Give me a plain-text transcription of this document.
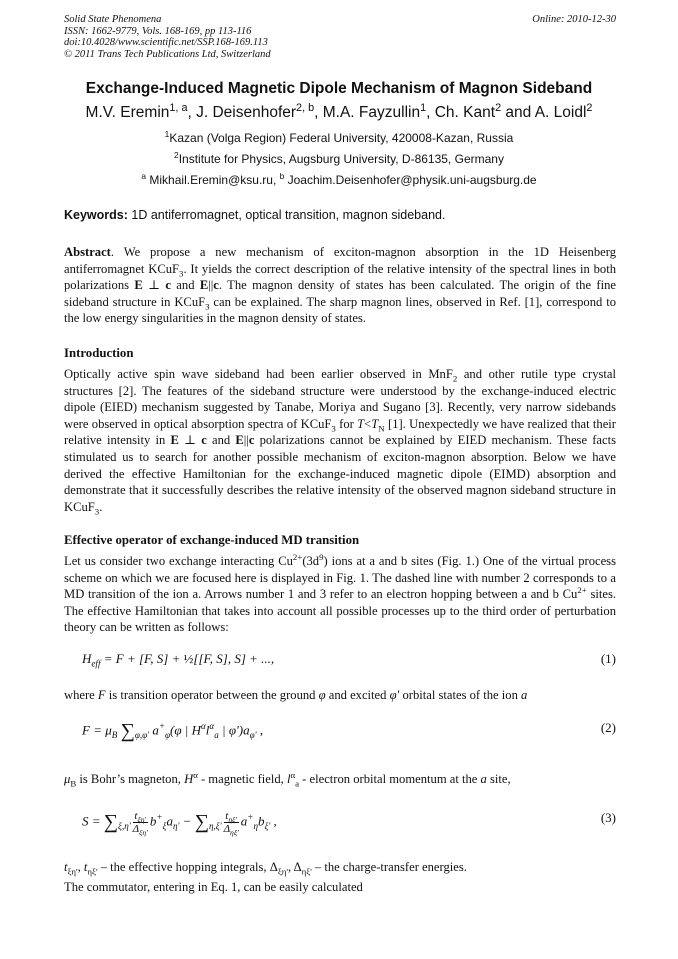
Solid State Phenomena
ISSN: 1662-9779, Vols. 168-169, pp 113-116
doi:10.4028/www.scientific.net/SSP.168-169.113
© 2011 Trans Tech Publications Ltd, Switzerland
Online: 2010-12-30
Exchange-Induced Magnetic Dipole Mechanism of Magnon Sideband
M.V. Eremin$^{1, a}$, J. Deisenhofer$^{2, b}$, M.A. Fayzullin$^1$, Ch. Kant$^2$ and A. Loidl$^2$
$^1$Kazan (Volga Region) Federal University, 420008-Kazan, Russia
$^2$Institute for Physics, Augsburg University, D-86135, Germany
$^a$ Mikhail.Eremin@ksu.ru, $^b$ Joachim.Deisenhofer@physik.uni-augsburg.de
Keywords: 1D antiferromagnet, optical transition, magnon sideband.
Abstract. We propose a new mechanism of exciton-magnon absorption in the 1D Heisenberg antiferromagnet KCuF$_3$. It yields the correct description of the relative intensity of the spectral lines in both polarizations E ⊥ c and E||c. The magnon density of states has been calculated. The origin of the fine sideband structure in KCuF$_3$ can be explained. The sharp magnon lines, observed in Ref. [1], correspond to the low energy singularities in the magnon density of states.
Introduction
Optically active spin wave sideband had been earlier observed in MnF$_2$ and other rutile type crystal structures [2]. The features of the sideband structure were understood by the exchange-induced electric dipole (EIED) mechanism suggested by Tanabe, Moriya and Sugano [3]. Recently, very narrow sidebands were observed in optical absorption spectra of KCuF$_3$ for $T<T_N$ [1]. Unexpectedly we have realized that their relative intensity in E ⊥ c and E||c polarizations cannot be explained by EIED mechanism. These facts stimulated us to search for another possible mechanism of exciton-magnon absorption. Below we have derived the effective Hamiltonian for the exchange-induced magnetic dipole (EIMD) absorption and demonstrate that it successfully describes the relative intensity of the observed magnon sideband structure in KCuF$_3$.
Effective operator of exchange-induced MD transition
Let us consider two exchange interacting $Cu^{2+}(3d^9)$ ions at a and b sites (Fig. 1.) One of the virtual process scheme on which we are focused here is displayed in Fig. 1. The dashed line with number 2 corresponds to a MD transition of the ion a. Arrows number 1 and 3 refer to an electron hopping between a and b $Cu^{2+}$ sites. The effective Hamiltonian that takes into account all possible processes up to the third order of perturbation theory can be written as follows:
$H_{eff} = F + [F$, S] + ½[[F, S], S] + ...,	(1)
where F is transition operator between the ground φ and excited φ′ orbital states of the ion a
$F = \mu_B$ $\sum_{\varphi,\varphi'}$ $a^+_\varphi(\varphi$ | $H^\alpha l^\alpha_a$ | $\varphi')a_{\varphi'}$ ,	(2)
$\mu_B$ is Bohr’s magneton, $H^\alpha$ - magnetic field, $l^\alpha_a$ - electron orbital momentum at the a site,
$S = \sum_{\xi,\eta'} \frac{t_{\xi\eta'}}{\Delta_{\xi\eta'}} b^+_\xi a_{\eta'} - \sum_{\eta,\xi'} \frac{t_{\eta\xi'}}{\Delta_{\eta\xi'}} a^+_\eta b_{\xi'}$ ,	(3)
$t_{\xi\eta'}$, $t_{\eta\xi'}$ – the effective hopping integrals, $\Delta_{\xi\eta'}$, $\Delta_{\eta\xi'}$ – the charge-transfer energies.
The commutator, entering in Eq. 1, can be easily calculated
